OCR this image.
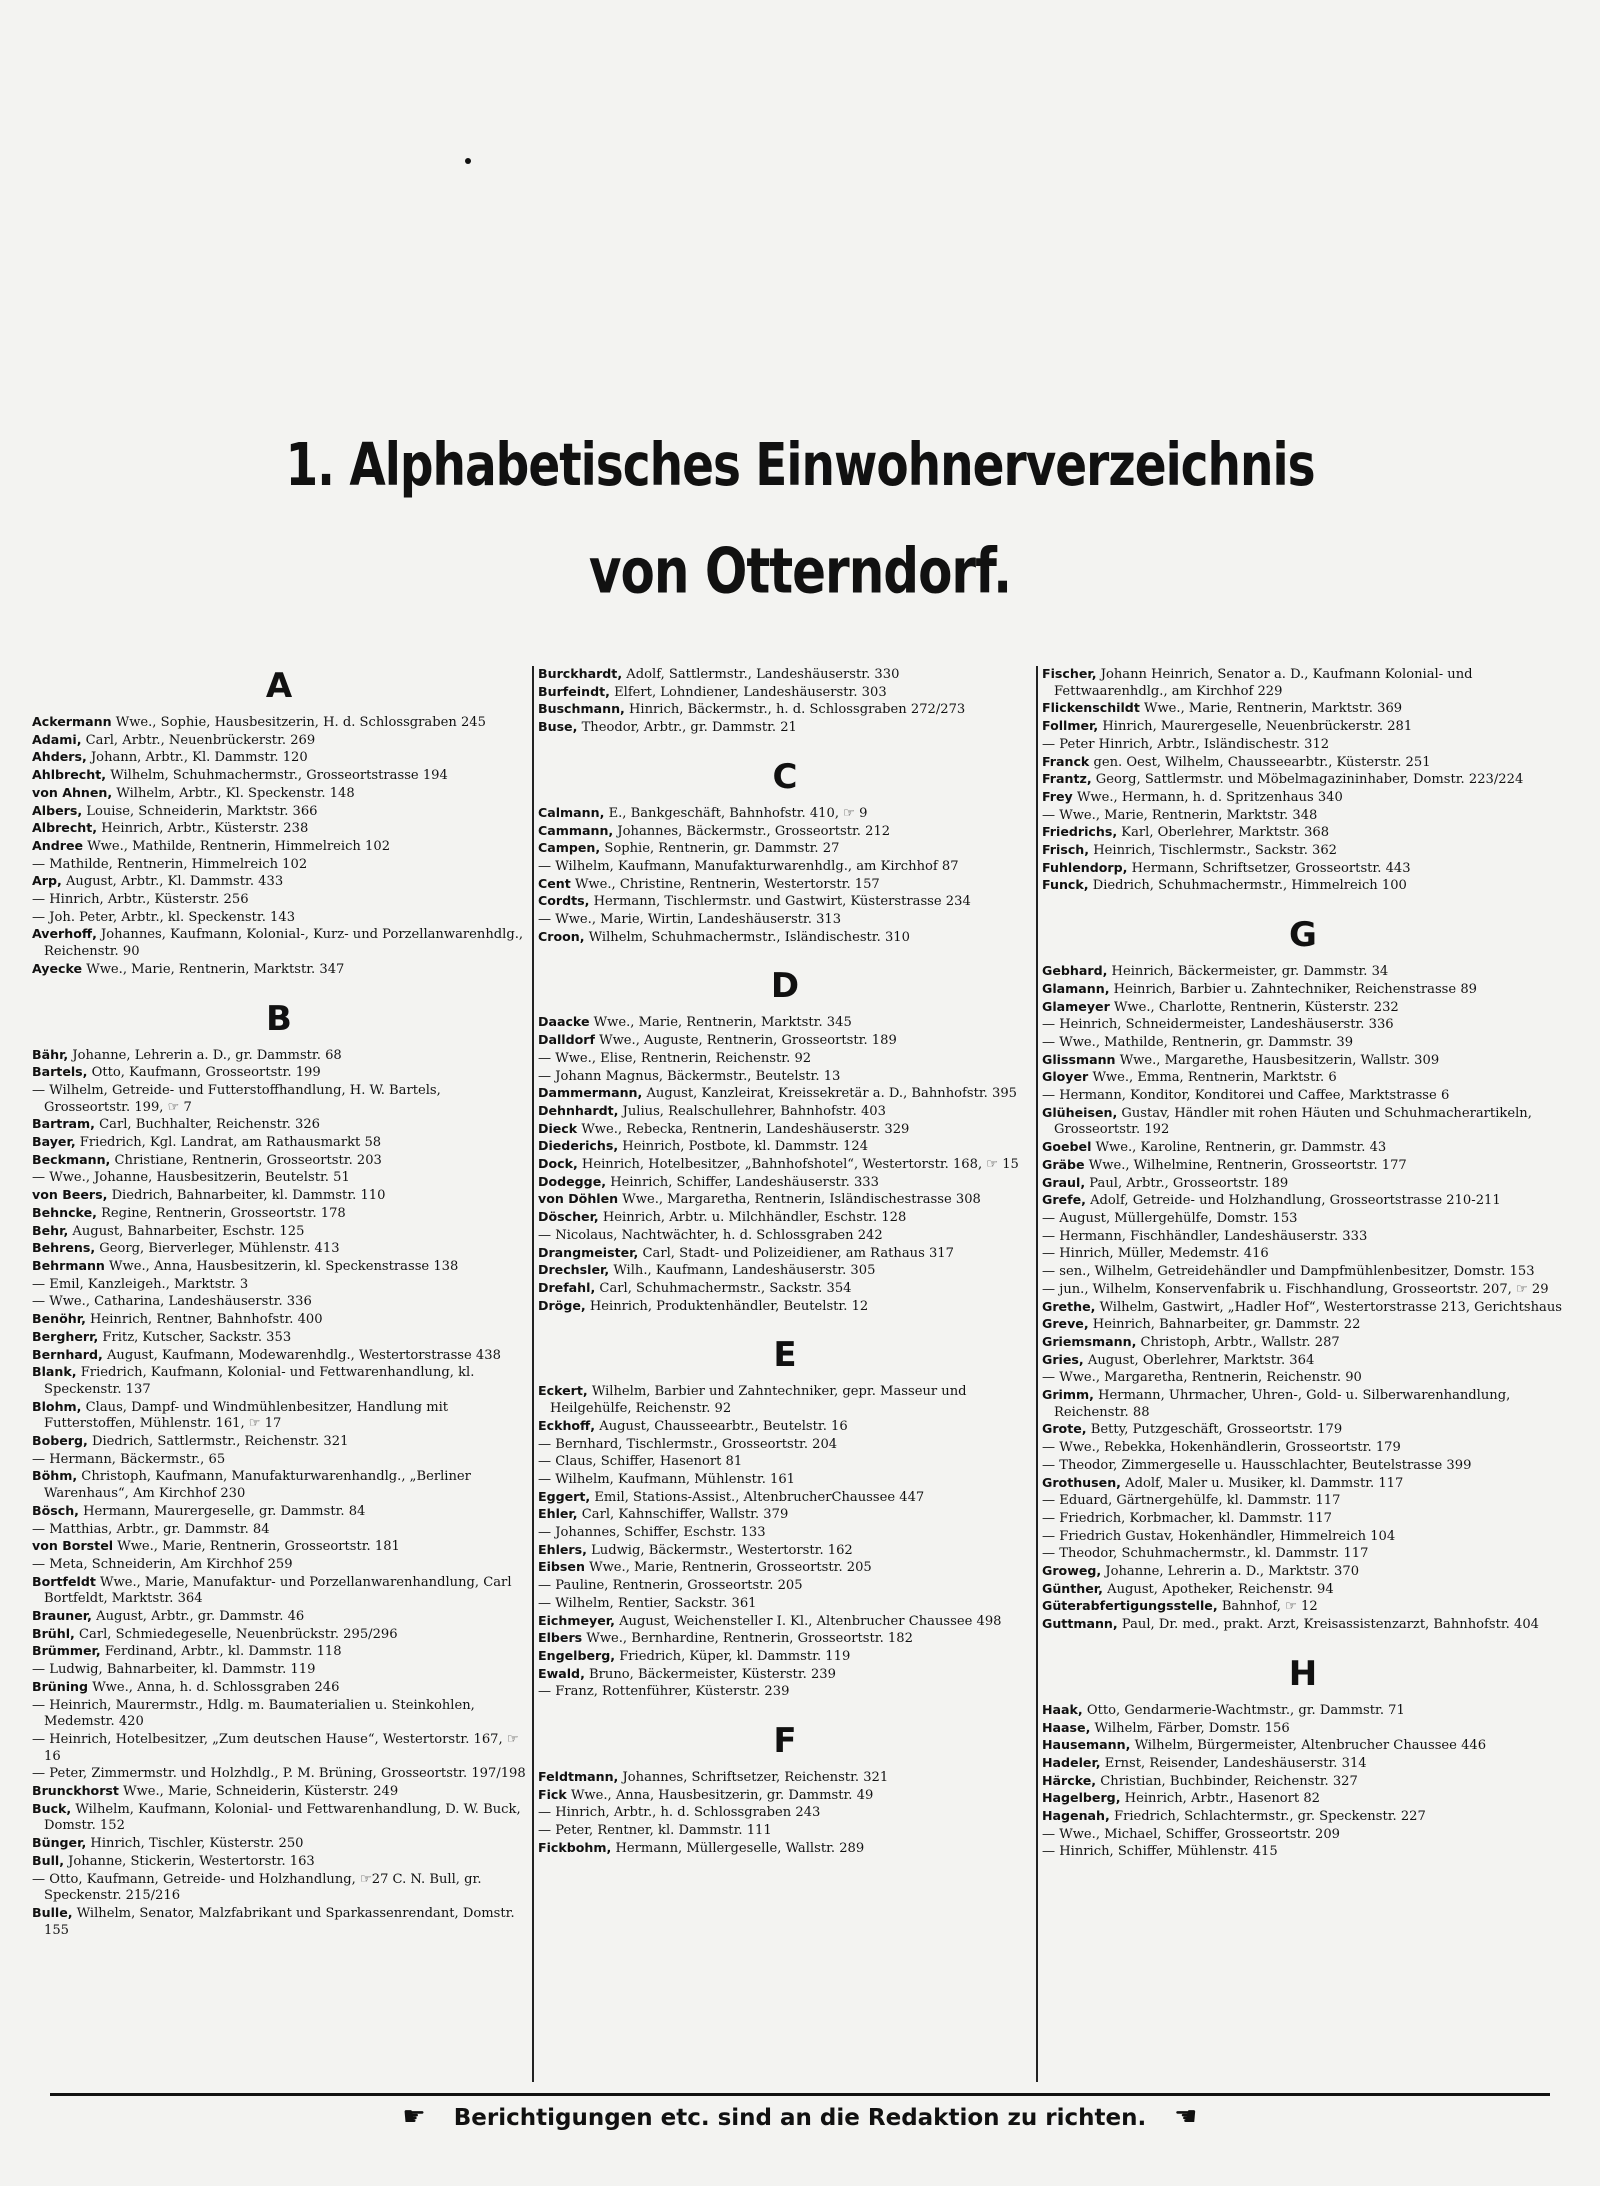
1. Alphabetisches Einwohnerverzeichnis
von Otterndorf.
A
Ackermann Wwe., Sophie, Hausbesitzerin, H. d. Schlossgraben 245
Adami, Carl, Arbtr., Neuenbrückerstr. 269
Ahders, Johann, Arbtr., Kl. Dammstr. 120
Ahlbrecht, Wilhelm, Schuhmachermstr., Grosseortstrasse 194
von Ahnen, Wilhelm, Arbtr., Kl. Speckenstr. 148
Albers, Louise, Schneiderin, Marktstr. 366
Albrecht, Heinrich, Arbtr., Küsterstr. 238
Andree Wwe., Mathilde, Rentnerin, Himmelreich 102
— Mathilde, Rentnerin, Himmelreich 102
Arp, August, Arbtr., Kl. Dammstr. 433
— Hinrich, Arbtr., Küsterstr. 256
— Joh. Peter, Arbtr., kl. Speckenstr. 143
Averhoff, Johannes, Kaufmann, Kolonial-, Kurz- und Porzellanwarenhdlg., Reichenstr. 90
Ayecke Wwe., Marie, Rentnerin, Marktstr. 347
B
Bähr, Johanne, Lehrerin a. D., gr. Dammstr. 68
Bartels, Otto, Kaufmann, Grosseortstr. 199
— Wilhelm, Getreide- und Futterstoffhandlung, H. W. Bartels, Grosseortstr. 199, ☞ 7
Bartram, Carl, Buchhalter, Reichenstr. 326
Bayer, Friedrich, Kgl. Landrat, am Rathausmarkt 58
Beckmann, Christiane, Rentnerin, Grosseortstr. 203
— Wwe., Johanne, Hausbesitzerin, Beutelstr. 51
von Beers, Diedrich, Bahnarbeiter, kl. Dammstr. 110
Behncke, Regine, Rentnerin, Grosseortstr. 178
Behr, August, Bahnarbeiter, Eschstr. 125
Behrens, Georg, Bierverleger, Mühlenstr. 413
Behrmann Wwe., Anna, Hausbesitzerin, kl. Speckenstrasse 138
— Emil, Kanzleigeh., Marktstr. 3
— Wwe., Catharina, Landeshäuserstr. 336
Benöhr, Heinrich, Rentner, Bahnhofstr. 400
Bergherr, Fritz, Kutscher, Sackstr. 353
Bernhard, August, Kaufmann, Modewarenhdlg., Westertorstrasse 438
Blank, Friedrich, Kaufmann, Kolonial- und Fettwarenhandlung, kl. Speckenstr. 137
Blohm, Claus, Dampf- und Windmühlenbesitzer, Handlung mit Futterstoffen, Mühlenstr. 161, ☞ 17
Boberg, Diedrich, Sattlermstr., Reichenstr. 321
— Hermann, Bäckermstr., 65
Böhm, Christoph, Kaufmann, Manufakturwarenhandlg., „Berliner Warenhaus“, Am Kirchhof 230
Bösch, Hermann, Maurergeselle, gr. Dammstr. 84
— Matthias, Arbtr., gr. Dammstr. 84
von Borstel Wwe., Marie, Rentnerin, Grosseortstr. 181
— Meta, Schneiderin, Am Kirchhof 259
Bortfeldt Wwe., Marie, Manufaktur- und Porzellanwarenhandlung, Carl Bortfeldt, Marktstr. 364
Brauner, August, Arbtr., gr. Dammstr. 46
Brühl, Carl, Schmiedegeselle, Neuenbrückstr. 295/296
Brümmer, Ferdinand, Arbtr., kl. Dammstr. 118
— Ludwig, Bahnarbeiter, kl. Dammstr. 119
Brüning Wwe., Anna, h. d. Schlossgraben 246
— Heinrich, Maurermstr., Hdlg. m. Baumaterialien u. Steinkohlen, Medemstr. 420
— Heinrich, Hotelbesitzer, „Zum deutschen Hause“, Westertorstr. 167, ☞ 16
— Peter, Zimmermstr. und Holzhdlg., P. M. Brüning, Grosseortstr. 197/198
Brunckhorst Wwe., Marie, Schneiderin, Küsterstr. 249
Buck, Wilhelm, Kaufmann, Kolonial- und Fettwarenhandlung, D. W. Buck, Domstr. 152
Bünger, Hinrich, Tischler, Küsterstr. 250
Bull, Johanne, Stickerin, Westertorstr. 163
— Otto, Kaufmann, Getreide- und Holzhandlung, ☞27 C. N. Bull, gr. Speckenstr. 215/216
Bulle, Wilhelm, Senator, Malzfabrikant und Sparkassenrendant, Domstr. 155
Burckhardt, Adolf, Sattlermstr., Landeshäuserstr. 330
Burfeindt, Elfert, Lohndiener, Landeshäuserstr. 303
Buschmann, Hinrich, Bäckermstr., h. d. Schlossgraben 272/273
Buse, Theodor, Arbtr., gr. Dammstr. 21
C
Calmann, E., Bankgeschäft, Bahnhofstr. 410, ☞ 9
Cammann, Johannes, Bäckermstr., Grosseortstr. 212
Campen, Sophie, Rentnerin, gr. Dammstr. 27
— Wilhelm, Kaufmann, Manufakturwarenhdlg., am Kirchhof 87
Cent Wwe., Christine, Rentnerin, Westertorstr. 157
Cordts, Hermann, Tischlermstr. und Gastwirt, Küsterstrasse 234
— Wwe., Marie, Wirtin, Landeshäuserstr. 313
Croon, Wilhelm, Schuhmachermstr., Isländischestr. 310
D
Daacke Wwe., Marie, Rentnerin, Marktstr. 345
Dalldorf Wwe., Auguste, Rentnerin, Grosseortstr. 189
— Wwe., Elise, Rentnerin, Reichenstr. 92
— Johann Magnus, Bäckermstr., Beutelstr. 13
Dammermann, August, Kanzleirat, Kreissekretär a. D., Bahnhofstr. 395
Dehnhardt, Julius, Realschullehrer, Bahnhofstr. 403
Dieck Wwe., Rebecka, Rentnerin, Landeshäuserstr. 329
Diederichs, Heinrich, Postbote, kl. Dammstr. 124
Dock, Heinrich, Hotelbesitzer, „Bahnhofshotel“, Westertorstr. 168, ☞ 15
Dodegge, Heinrich, Schiffer, Landeshäuserstr. 333
von Döhlen Wwe., Margaretha, Rentnerin, Isländischestrasse 308
Döscher, Heinrich, Arbtr. u. Milchhändler, Eschstr. 128
— Nicolaus, Nachtwächter, h. d. Schlossgraben 242
Drangmeister, Carl, Stadt- und Polizeidiener, am Rathaus 317
Drechsler, Wilh., Kaufmann, Landeshäuserstr. 305
Drefahl, Carl, Schuhmachermstr., Sackstr. 354
Dröge, Heinrich, Produktenhändler, Beutelstr. 12
E
Eckert, Wilhelm, Barbier und Zahntechniker, gepr. Masseur und Heilgehülfe, Reichenstr. 92
Eckhoff, August, Chausseearbtr., Beutelstr. 16
— Bernhard, Tischlermstr., Grosseortstr. 204
— Claus, Schiffer, Hasenort 81
— Wilhelm, Kaufmann, Mühlenstr. 161
Eggert, Emil, Stations-Assist., AltenbrucherChaussee 447
Ehler, Carl, Kahnschiffer, Wallstr. 379
— Johannes, Schiffer, Eschstr. 133
Ehlers, Ludwig, Bäckermstr., Westertorstr. 162
Eibsen Wwe., Marie, Rentnerin, Grosseortstr. 205
— Pauline, Rentnerin, Grosseortstr. 205
— Wilhelm, Rentier, Sackstr. 361
Eichmeyer, August, Weichensteller I. Kl., Altenbrucher Chaussee 498
Elbers Wwe., Bernhardine, Rentnerin, Grosseortstr. 182
Engelberg, Friedrich, Küper, kl. Dammstr. 119
Ewald, Bruno, Bäckermeister, Küsterstr. 239
— Franz, Rottenführer, Küsterstr. 239
F
Feldtmann, Johannes, Schriftsetzer, Reichenstr. 321
Fick Wwe., Anna, Hausbesitzerin, gr. Dammstr. 49
— Hinrich, Arbtr., h. d. Schlossgraben 243
— Peter, Rentner, kl. Dammstr. 111
Fickbohm, Hermann, Müllergeselle, Wallstr. 289
Fischer, Johann Heinrich, Senator a. D., Kaufmann Kolonial- und Fettwaarenhdlg., am Kirchhof 229
Flickenschildt Wwe., Marie, Rentnerin, Marktstr. 369
Follmer, Hinrich, Maurergeselle, Neuenbrückerstr. 281
— Peter Hinrich, Arbtr., Isländischestr. 312
Franck gen. Oest, Wilhelm, Chausseearbtr., Küsterstr. 251
Frantz, Georg, Sattlermstr. und Möbelmagazininhaber, Domstr. 223/224
Frey Wwe., Hermann, h. d. Spritzenhaus 340
— Wwe., Marie, Rentnerin, Marktstr. 348
Friedrichs, Karl, Oberlehrer, Marktstr. 368
Frisch, Heinrich, Tischlermstr., Sackstr. 362
Fuhlendorp, Hermann, Schriftsetzer, Grosseortstr. 443
Funck, Diedrich, Schuhmachermstr., Himmelreich 100
G
Gebhard, Heinrich, Bäckermeister, gr. Dammstr. 34
Glamann, Heinrich, Barbier u. Zahntechniker, Reichenstrasse 89
Glameyer Wwe., Charlotte, Rentnerin, Küsterstr. 232
— Heinrich, Schneidermeister, Landeshäuserstr. 336
— Wwe., Mathilde, Rentnerin, gr. Dammstr. 39
Glissmann Wwe., Margarethe, Hausbesitzerin, Wallstr. 309
Gloyer Wwe., Emma, Rentnerin, Marktstr. 6
— Hermann, Konditor, Konditorei und Caffee, Marktstrasse 6
Glüheisen, Gustav, Händler mit rohen Häuten und Schuhmacherartikeln, Grosseortstr. 192
Goebel Wwe., Karoline, Rentnerin, gr. Dammstr. 43
Gräbe Wwe., Wilhelmine, Rentnerin, Grosseortstr. 177
Graul, Paul, Arbtr., Grosseortstr. 189
Grefe, Adolf, Getreide- und Holzhandlung, Grosseortstrasse 210-211
— August, Müllergehülfe, Domstr. 153
— Hermann, Fischhändler, Landeshäuserstr. 333
— Hinrich, Müller, Medemstr. 416
— sen., Wilhelm, Getreidehändler und Dampfmühlenbesitzer, Domstr. 153
— jun., Wilhelm, Konservenfabrik u. Fischhandlung, Grosseortstr. 207, ☞ 29
Grethe, Wilhelm, Gastwirt, „Hadler Hof“, Westertorstrasse 213, Gerichtshaus
Greve, Heinrich, Bahnarbeiter, gr. Dammstr. 22
Griemsmann, Christoph, Arbtr., Wallstr. 287
Gries, August, Oberlehrer, Marktstr. 364
— Wwe., Margaretha, Rentnerin, Reichenstr. 90
Grimm, Hermann, Uhrmacher, Uhren-, Gold- u. Silberwarenhandlung, Reichenstr. 88
Grote, Betty, Putzgeschäft, Grosseortstr. 179
— Wwe., Rebekka, Hokenhändlerin, Grosseortstr. 179
— Theodor, Zimmergeselle u. Hausschlachter, Beutelstrasse 399
Grothusen, Adolf, Maler u. Musiker, kl. Dammstr. 117
— Eduard, Gärtnergehülfe, kl. Dammstr. 117
— Friedrich, Korbmacher, kl. Dammstr. 117
— Friedrich Gustav, Hokenhändler, Himmelreich 104
— Theodor, Schuhmachermstr., kl. Dammstr. 117
Groweg, Johanne, Lehrerin a. D., Marktstr. 370
Günther, August, Apotheker, Reichenstr. 94
Güterabfertigungsstelle, Bahnhof, ☞ 12
Guttmann, Paul, Dr. med., prakt. Arzt, Kreisassistenzarzt, Bahnhofstr. 404
H
Haak, Otto, Gendarmerie-Wachtmstr., gr. Dammstr. 71
Haase, Wilhelm, Färber, Domstr. 156
Hausemann, Wilhelm, Bürgermeister, Altenbrucher Chaussee 446
Hadeler, Ernst, Reisender, Landeshäuserstr. 314
Härcke, Christian, Buchbinder, Reichenstr. 327
Hagelberg, Heinrich, Arbtr., Hasenort 82
Hagenah, Friedrich, Schlachtermstr., gr. Speckenstr. 227
— Wwe., Michael, Schiffer, Grosseortstr. 209
— Hinrich, Schiffer, Mühlenstr. 415
☛ Berichtigungen etc. sind an die Redaktion zu richten. ☛
